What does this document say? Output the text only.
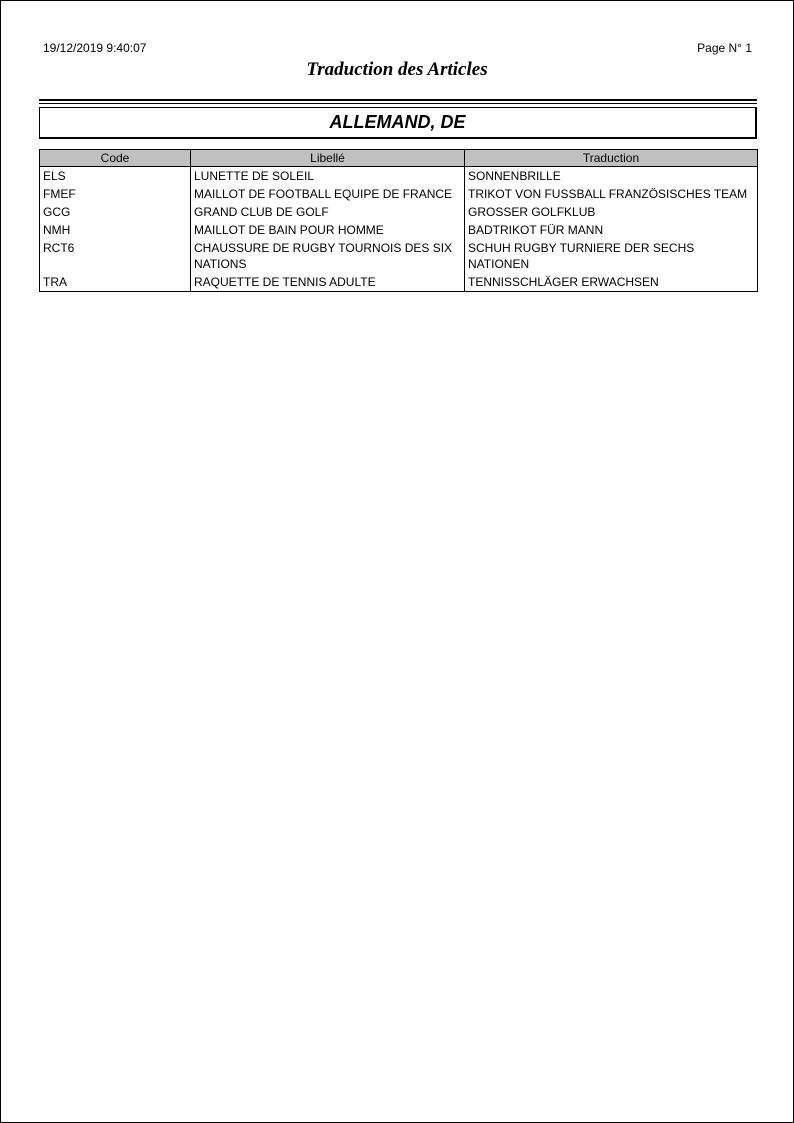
19/12/2019 9:40:07	Page N° 1
Traduction des Articles
ALLEMAND, DE
Code	Libellé	Traduction
ELS	LUNETTE DE SOLEIL	SONNENBRILLE
FMEF	MAILLOT DE FOOTBALL EQUIPE DE FRANCE	TRIKOT VON FUSSBALL FRANZÖSISCHES TEAM
GCG	GRAND CLUB DE GOLF	GROSSER GOLFKLUB
NMH	MAILLOT DE BAIN POUR HOMME	BADTRIKOT FÜR MANN
RCT6	CHAUSSURE DE RUGBY TOURNOIS DES SIX NATIONS	SCHUH RUGBY TURNIERE DER SECHS NATIONEN
TRA	RAQUETTE DE TENNIS ADULTE	TENNISSCHLÄGER ERWACHSEN
